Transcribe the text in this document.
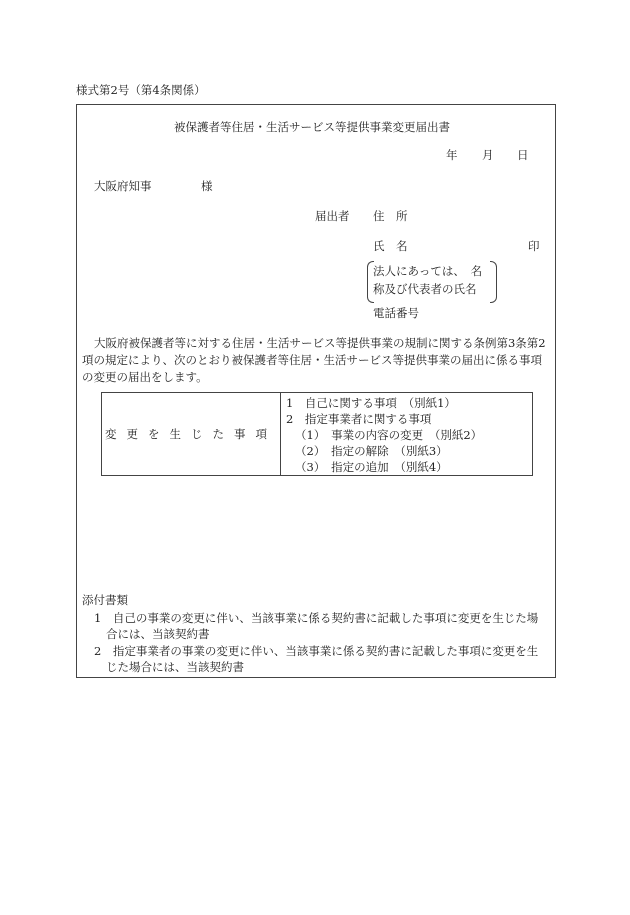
様式第2号（第4条関係）
被保護者等住居・生活サービス等提供事業変更届出書
年 月 日
大阪府知事	様
届出者 住　所
氏　名	印
法人にあっては、　名
称及び代表者の氏名
電話番号
大阪府被保護者等に対する住居・生活サービス等提供事業の規制に関する条例第3条第2
項の規定により、次のとおり被保護者等住居・生活サービス等提供事業の届出に係る事項
の変更の届出をします。
変更を生じた事項
1　自己に関する事項　（別紙1）
2　指定事業者に関する事項
（1）　事業の内容の変更　（別紙2）
（2）　指定の解除　（別紙3）
（3）　指定の追加　（別紙4）
添付書類
1　自己の事業の変更に伴い、当該事業に係る契約書に記載した事項に変更を生じた場
合には、当該契約書
2　指定事業者の事業の変更に伴い、当該事業に係る契約書に記載した事項に変更を生
じた場合には、当該契約書
